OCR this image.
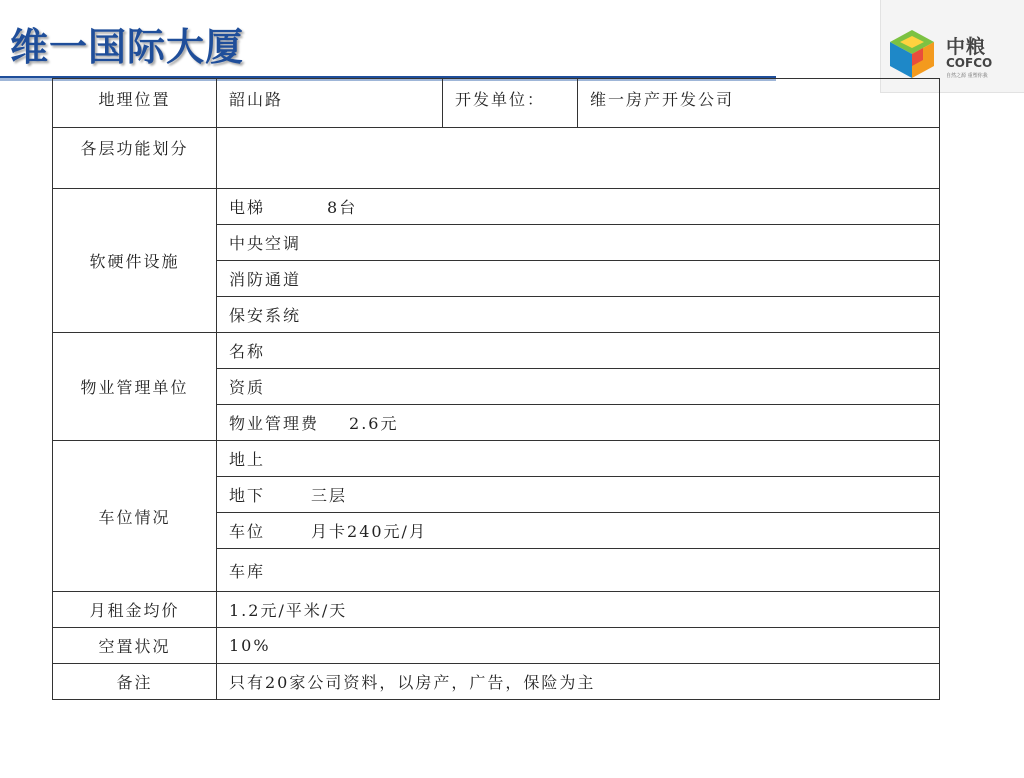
维一国际大厦	中粮
COFCO
自然之源 重塑你我
地理位置	韶山路	开发单位：	维一房产开发公司
各层功能划分			
软硬件设施	电梯 8台		
	中央空调		
	消防通道		
	保安系统		
物业管理单位	名称		
	资质		
	物业管理费 2.6元		
车位情况	地上		
	地下 三层		
	车位 月卡240元/月		
	车库		
月租金均价	1.2元/平米/天		
空置状况	10%		
备注	只有20家公司资料，以房产，广告，保险为主		
